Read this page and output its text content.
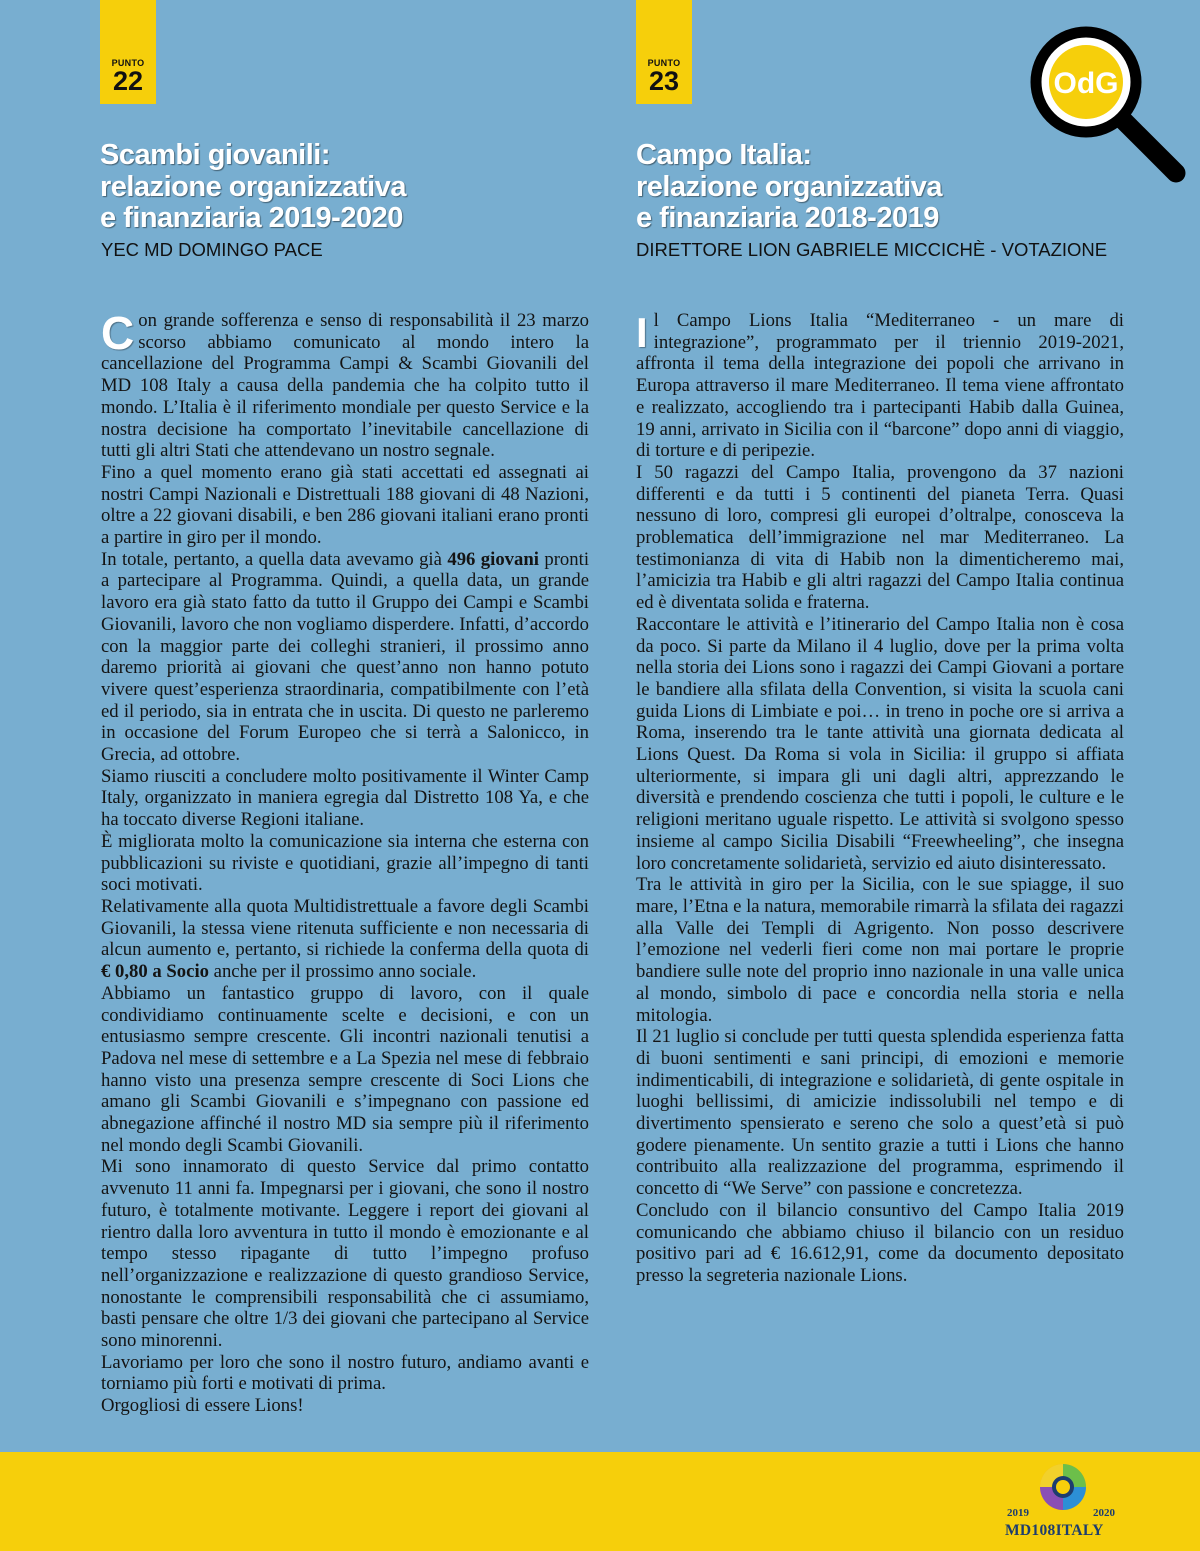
PUNTO
22
PUNTO
23
Scambi giovanili:
relazione organizzativa
e finanziaria 2019-2020
Campo Italia:
relazione organizzativa
e finanziaria 2018-2019
YEC MD DOMINGO PACE	DIRETTORE LION GABRIELE MICCICHÈ - VOTAZIONE
C on grande sofferenza e senso di responsabilità il 23 marzo scorso abbiamo comunicato al mondo intero la cancellazione del Programma Campi & Scambi Giovanili del MD 108 Italy a causa della pandemia che ha colpito tutto il mondo. L’Italia è il riferimento mondiale per questo Service e la nostra decisione ha comportato l’inevitabile cancellazione di tutti gli altri Stati che attendevano un nostro segnale.

Fino a quel momento erano già stati accettati ed assegnati ai nostri Campi Nazionali e Distrettuali 188 giovani di 48 Nazioni, oltre a 22 giovani disabili, e ben 286 giovani italiani erano pronti a partire in giro per il mondo.

In totale, pertanto, a quella data avevamo già 496 giovani pronti a partecipare al Programma. Quindi, a quella data, un grande lavoro era già stato fatto da tutto il Gruppo dei Campi e Scambi Giovanili, lavoro che non vogliamo disperdere. Infatti, d’accordo con la maggior parte dei colleghi stranieri, il prossimo anno daremo priorità ai giovani che quest’anno non hanno potuto vivere quest’esperienza straordinaria, compatibilmente con l’età ed il periodo, sia in entrata che in uscita. Di questo ne parleremo in occasione del Forum Europeo che si terrà a Salonicco, in Grecia, ad ottobre.

Siamo riusciti a concludere molto positivamente il Winter Camp Italy, organizzato in maniera egregia dal Distretto 108 Ya, e che ha toccato diverse Regioni italiane.

È migliorata molto la comunicazione sia interna che esterna con pubblicazioni su riviste e quotidiani, grazie all’impegno di tanti soci motivati.

Relativamente alla quota Multidistrettuale a favore degli Scambi Giovanili, la stessa viene ritenuta sufficiente e non necessaria di alcun aumento e, pertanto, si richiede la conferma della quota di € 0,80 a Socio anche per il prossimo anno sociale.

Abbiamo un fantastico gruppo di lavoro, con il quale condividiamo continuamente scelte e decisioni, e con un entusiasmo sempre crescente. Gli incontri nazionali tenutisi a Padova nel mese di settembre e a La Spezia nel mese di febbraio hanno visto una presenza sempre crescente di Soci Lions che amano gli Scambi Giovanili e s’impegnano con passione ed abnegazione affinché il nostro MD sia sempre più il riferimento nel mondo degli Scambi Giovanili.

Mi sono innamorato di questo Service dal primo contatto avvenuto 11 anni fa. Impegnarsi per i giovani, che sono il nostro futuro, è totalmente motivante. Leggere i report dei giovani al rientro dalla loro avventura in tutto il mondo è emozionante e al tempo stesso ripagante di tutto l’impegno profuso nell’organizzazione e realizzazione di questo grandioso Service, nonostante le comprensibili responsabilità che ci assumiamo, basti pensare che oltre 1/3 dei giovani che partecipano al Service sono minorenni.

Lavoriamo per loro che sono il nostro futuro, andiamo avanti e torniamo più forti e motivati di prima.

Orgogliosi di essere Lions!

I l Campo Lions Italia “Mediterraneo - un mare di integrazione”, programmato per il triennio 2019-2021, affronta il tema della integrazione dei popoli che arrivano in Europa attraverso il mare Mediterraneo. Il tema viene affrontato e realizzato, accogliendo tra i partecipanti Habib dalla Guinea, 19 anni, arrivato in Sicilia con il “barcone” dopo anni di viaggio, di torture e di peripezie.

I 50 ragazzi del Campo Italia, provengono da 37 nazioni differenti e da tutti i 5 continenti del pianeta Terra. Quasi nessuno di loro, compresi gli europei d’oltralpe, conosceva la problematica dell’immigrazione nel mar Mediterraneo. La testimonianza di vita di Habib non la dimenticheremo mai, l’amicizia tra Habib e gli altri ragazzi del Campo Italia continua ed è diventata solida e fraterna.

Raccontare le attività e l’itinerario del Campo Italia non è cosa da poco. Si parte da Milano il 4 luglio, dove per la prima volta nella storia dei Lions sono i ragazzi dei Campi Giovani a portare le bandiere alla sfilata della Convention, si visita la scuola cani guida Lions di Limbiate e poi… in treno in poche ore si arriva a Roma, inserendo tra le tante attività una giornata dedicata al Lions Quest. Da Roma si vola in Sicilia: il gruppo si affiata ulteriormente, si impara gli uni dagli altri, apprezzando le diversità e prendendo coscienza che tutti i popoli, le culture e le religioni meritano uguale rispetto. Le attività si svolgono spesso insieme al campo Sicilia Disabili “Freewheeling”, che insegna loro concretamente solidarietà, servizio ed aiuto disinteressato.

Tra le attività in giro per la Sicilia, con le sue spiagge, il suo mare, l’Etna e la natura, memorabile rimarrà la sfilata dei ragazzi alla Valle dei Templi di Agrigento. Non posso descrivere l’emozione nel vederli fieri come non mai portare le proprie bandiere sulle note del proprio inno nazionale in una valle unica al mondo, simbolo di pace e concordia nella storia e nella mitologia.

Il 21 luglio si conclude per tutti questa splendida esperienza fatta di buoni sentimenti e sani principi, di emozioni e memorie indimenticabili, di integrazione e solidarietà, di gente ospitale in luoghi bellissimi, di amicizie indissolubili nel tempo e di divertimento spensierato e sereno che solo a quest’età si può godere pienamente. Un sentito grazie a tutti i Lions che hanno contribuito alla realizzazione del programma, esprimendo il concetto di “We Serve” con passione e concretezza.

Concludo con il bilancio consuntivo del Campo Italia 2019 comunicando che abbiamo chiuso il bilancio con un residuo positivo pari ad € 16.612,91, come da documento depositato presso la segreteria nazionale Lions.

OdG
2019	2020
MD108ITALY
